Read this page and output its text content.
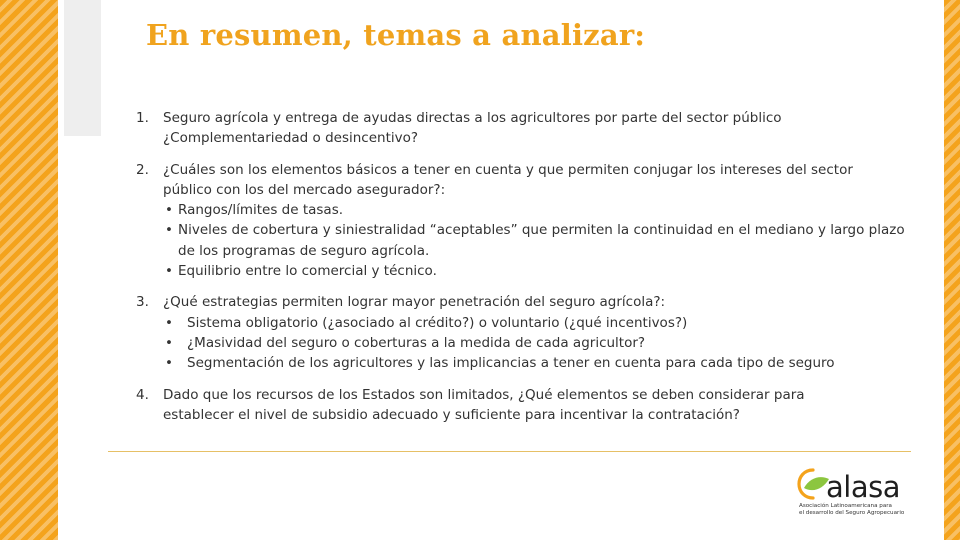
En resumen, temas a analizar:
1. Seguro agrícola y entrega de ayudas directas a los agricultores por parte del sector público
¿Complementariedad o desincentivo?
2. ¿Cuáles son los elementos básicos a tener en cuenta y que permiten conjugar los intereses del sector
público con los del mercado asegurador?:
• Rangos/límites de tasas.
• Niveles de cobertura y siniestralidad “aceptables” que permiten la continuidad en el mediano y largo plazo de los programas de seguro agrícola.
• Equilibrio entre lo comercial y técnico.
3. ¿Qué estrategias permiten lograr mayor penetración del seguro agrícola?:
• Sistema obligatorio (¿asociado al crédito?) o voluntario (¿qué incentivos?)
• ¿Masividad del seguro o coberturas a la medida de cada agricultor?
• Segmentación de los agricultores y las implicancias a tener en cuenta para cada tipo de seguro
4. Dado que los recursos de los Estados son limitados, ¿Qué elementos se deben considerar para
establecer el nivel de subsidio adecuado y suficiente para incentivar la contratación?
alasa
Asociación Latinoamericana para
el desarrollo del Seguro Agropecuario
